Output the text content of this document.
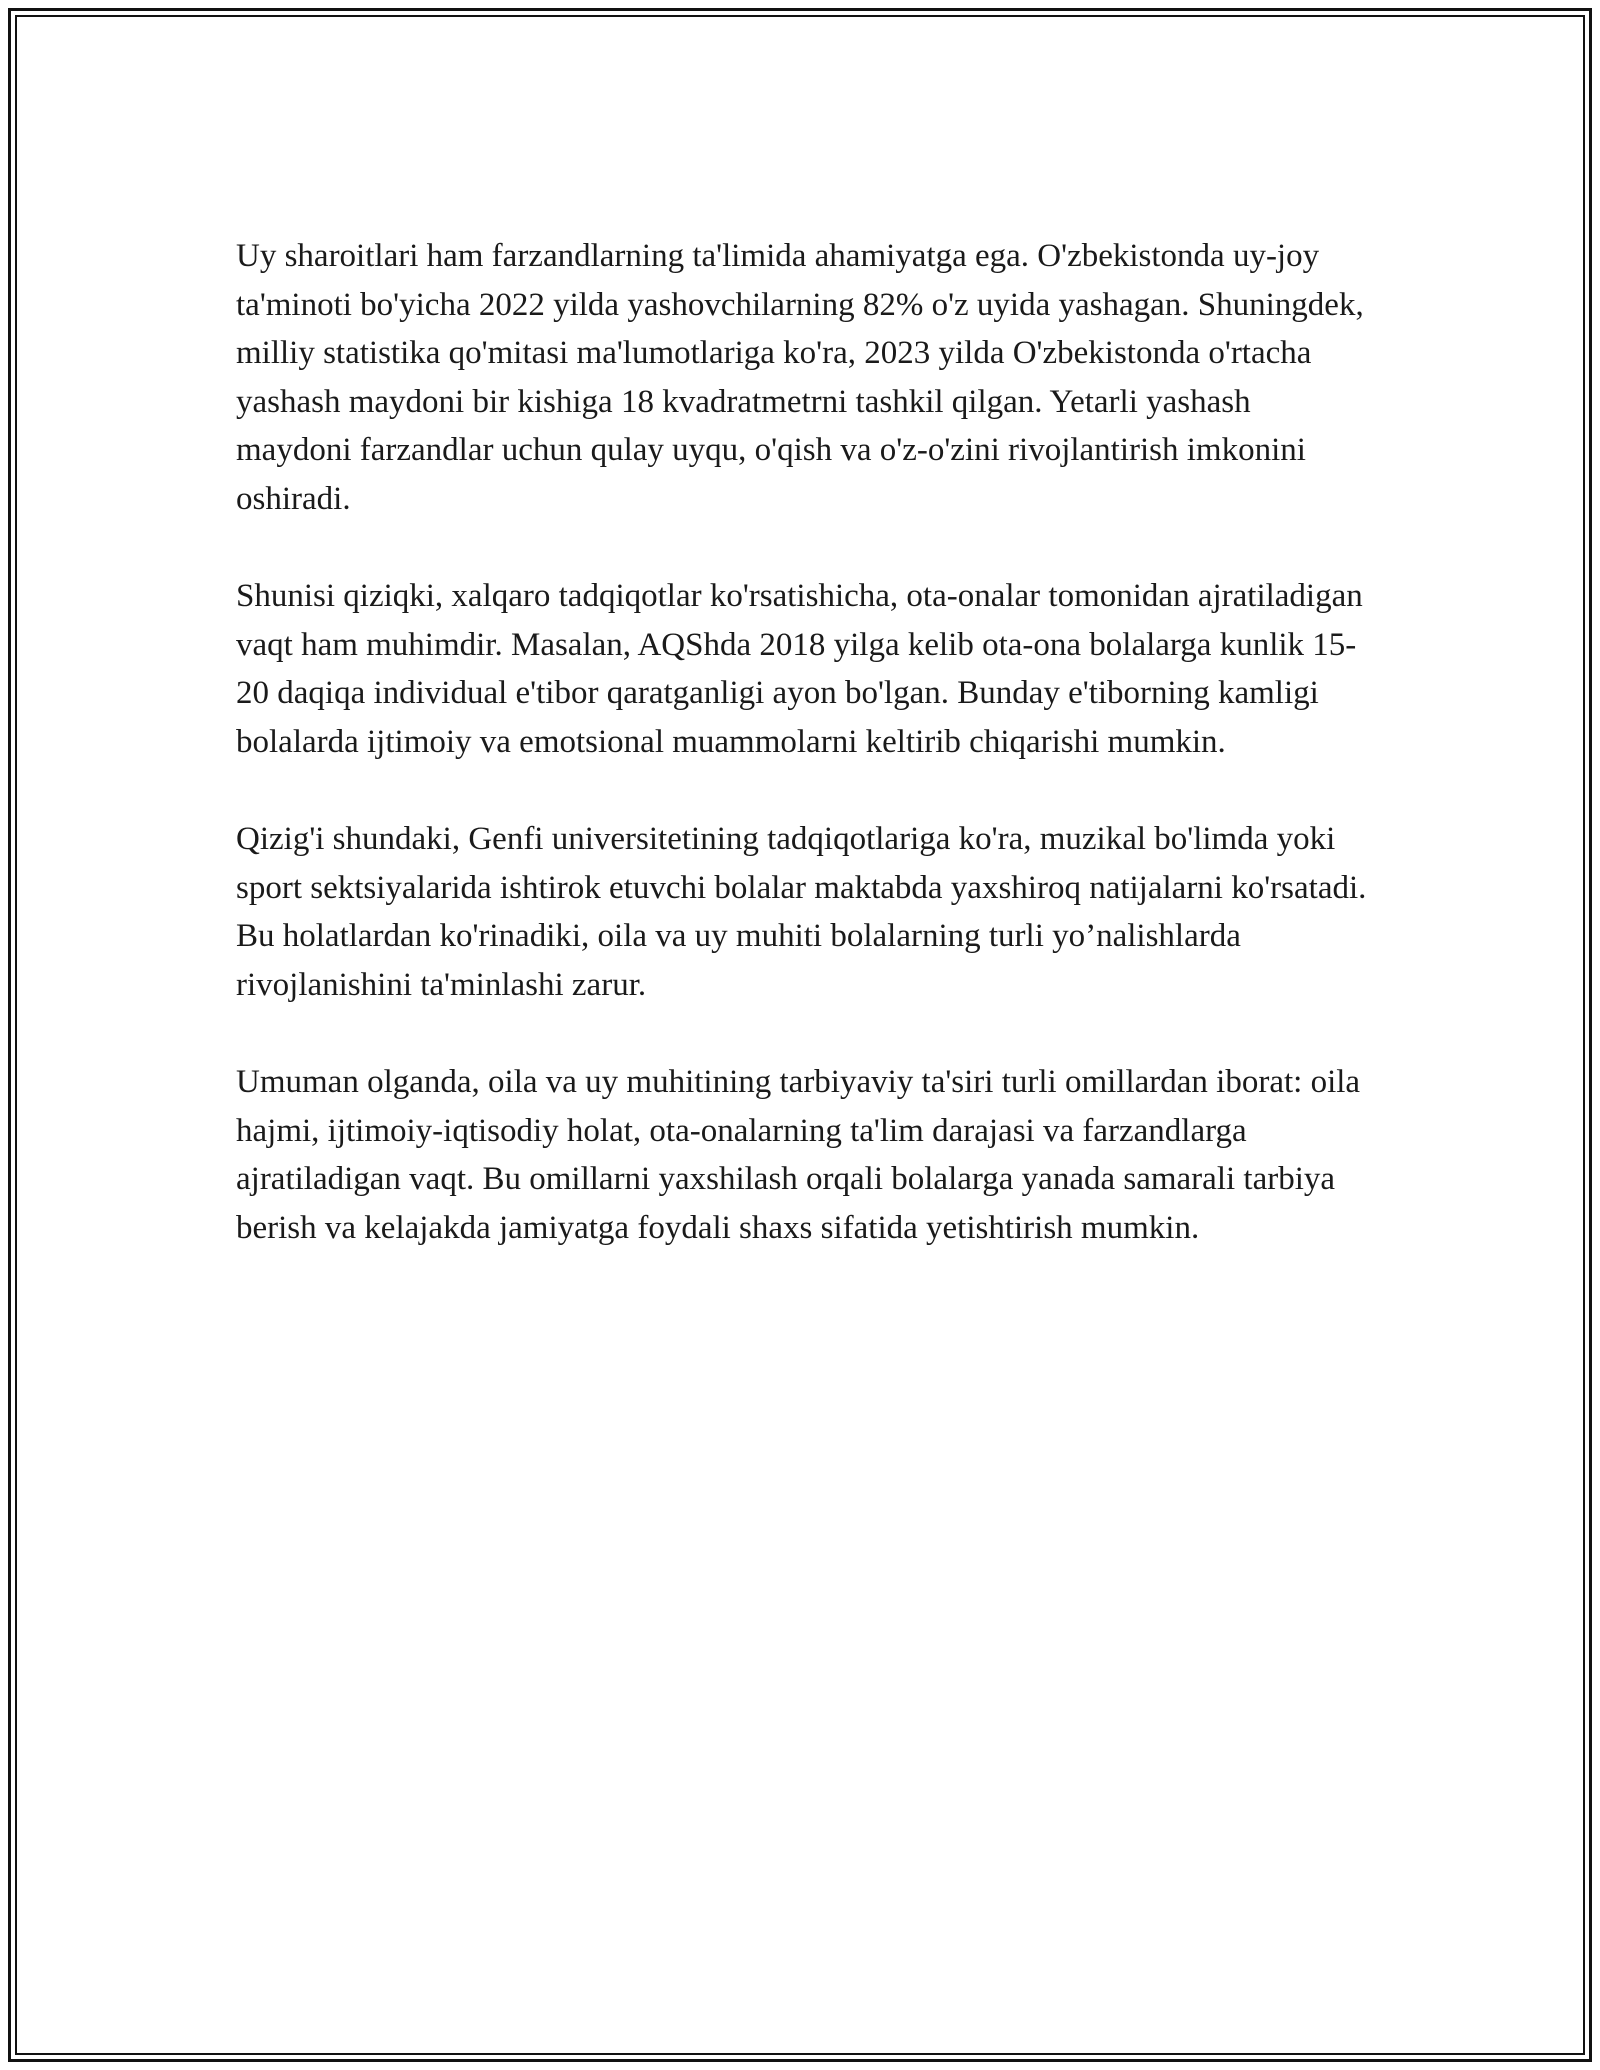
Uy sharoitlari ham farzandlarning ta'limida ahamiyatga ega. O'zbekistonda uy-joy ta'minoti bo'yicha 2022 yilda yashovchilarning 82% o'z uyida yashagan. Shuningdek, milliy statistika qo'mitasi ma'lumotlariga ko'ra, 2023 yilda O'zbekistonda o'rtacha yashash maydoni bir kishiga 18 kvadratmetrni tashkil qilgan. Yetarli yashash maydoni farzandlar uchun qulay uyqu, o'qish va o'z-o'zini rivojlantirish imkonini oshiradi.

Shunisi qiziqki, xalqaro tadqiqotlar ko'rsatishicha, ota-onalar tomonidan ajratiladigan vaqt ham muhimdir. Masalan, AQShda 2018 yilga kelib ota-ona bolalarga kunlik 15-20 daqiqa individual e'tibor qaratganligi ayon bo'lgan. Bunday e'tiborning kamligi bolalarda ijtimoiy va emotsional muammolarni keltirib chiqarishi mumkin.

Qizig'i shundaki, Genfi universitetining tadqiqotlariga ko'ra, muzikal bo'limda yoki sport sektsiyalarida ishtirok etuvchi bolalar maktabda yaxshiroq natijalarni ko'rsatadi. Bu holatlardan ko'rinadiki, oila va uy muhiti bolalarning turli yo’nalishlarda rivojlanishini ta'minlashi zarur.

Umuman olganda, oila va uy muhitining tarbiyaviy ta'siri turli omillardan iborat: oila hajmi, ijtimoiy-iqtisodiy holat, ota-onalarning ta'lim darajasi va farzandlarga ajratiladigan vaqt. Bu omillarni yaxshilash orqali bolalarga yanada samarali tarbiya berish va kelajakda jamiyatga foydali shaxs sifatida yetishtirish mumkin.
